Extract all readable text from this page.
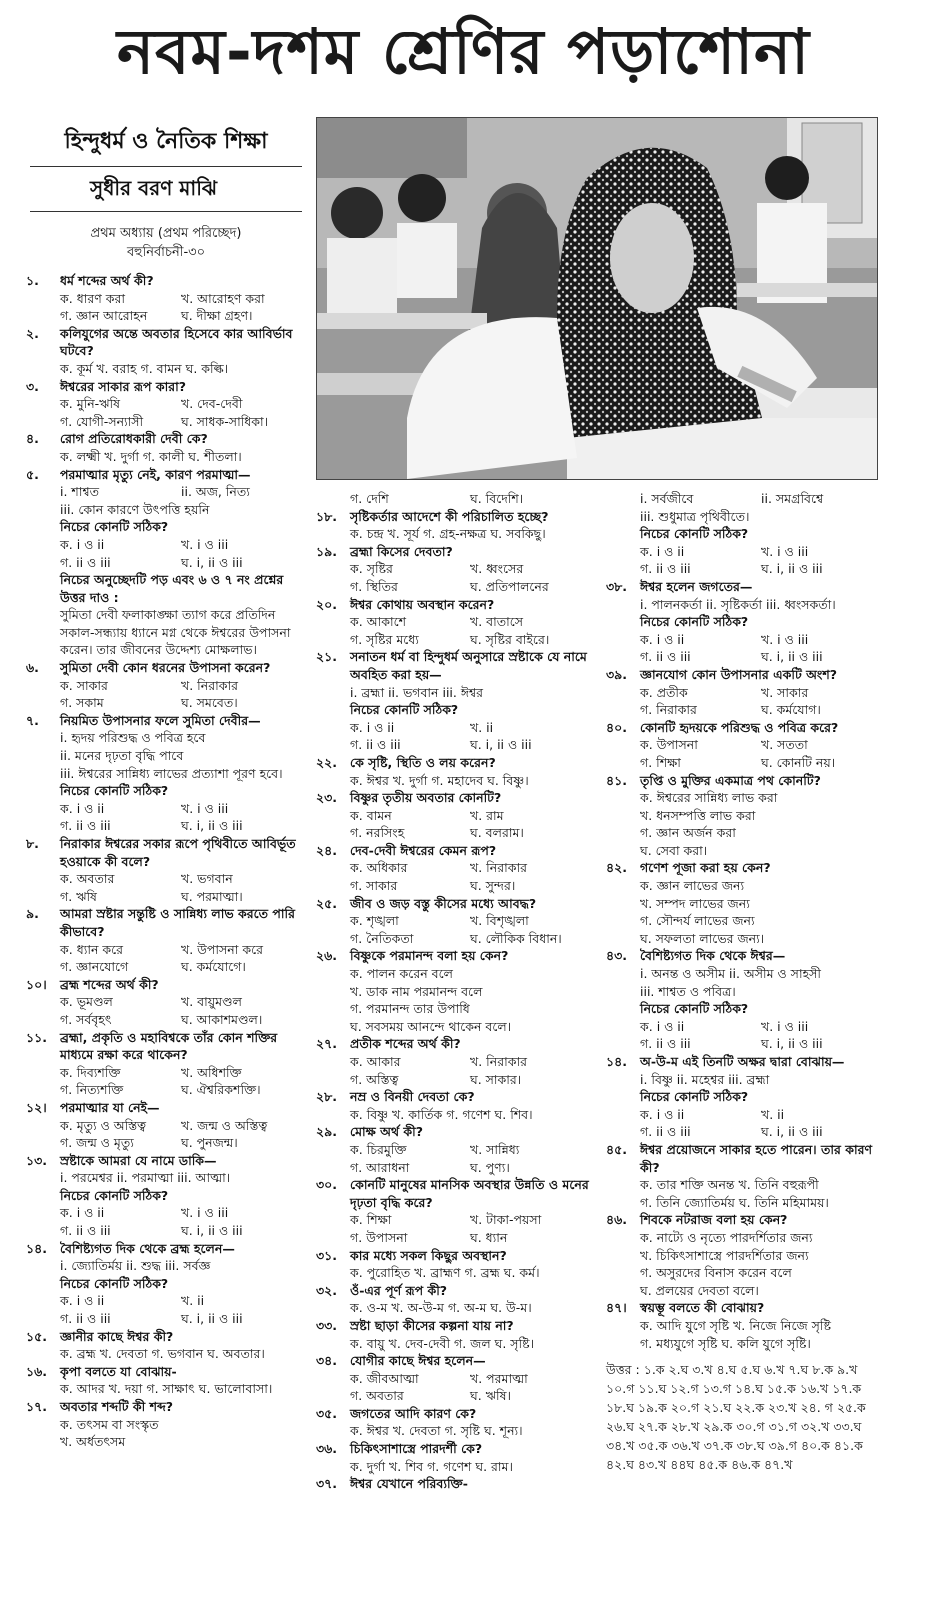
নবম-দশম শ্রেণির পড়াশোনা
হিন্দুধর্ম ও নৈতিক শিক্ষা
সুধীর বরণ মাঝি
প্রথম অধ্যায় (প্রথম পরিচ্ছেদ)
বহুনির্বাচনী-৩০
১.	ধর্ম শব্দের অর্থ কী?
ক. ধারণ করা	খ. আরোহণ করা
গ. জ্ঞান আরোহন	ঘ. দীক্ষা গ্রহণ।
২.	কলিযুগের অন্তে অবতার হিসেবে কার আবির্ভাব ঘটবে?
ক. কূর্ম খ. বরাহ গ. বামন ঘ. কল্কি।
৩.	ঈশ্বরের সাকার রূপ কারা?
ক. মুনি-ঋষি	খ. দেব-দেবী
গ. যোগী-সন্যাসী	ঘ. সাধক-সাধিকা।
৪.	রোগ প্রতিরোধকারী দেবী কে?
ক. লক্ষ্মী খ. দুর্গা গ. কালী ঘ. শীতলা।
৫.	পরমাত্মার মৃত্যু নেই, কারণ পরমাত্মা—
i. শাশ্বত	ii. অজ, নিত্য
iii. কোন কারণে উৎপত্তি হয়নি
নিচের কোনটি সঠিক?
ক. i ও ii	খ. i ও iii
গ. ii ও iii	ঘ. i, ii ও iii
নিচের অনুচ্ছেদটি পড় এবং ৬ ও ৭ নং প্রশ্নের উত্তর দাও :
সুমিতা দেবী ফলাকাঙ্ক্ষা ত্যাগ করে প্রতিদিন সকাল-সন্ধ্যায় ধ্যানে মগ্ন থেকে ঈশ্বরের উপাসনা করেন। তার জীবনের উদ্দেশ্য মোক্ষলাভ।
৬.	সুমিতা দেবী কোন ধরনের উপাসনা করেন?
ক. সাকার	খ. নিরাকার
গ. সকাম	ঘ. সমবেত।
৭.	নিয়মিত উপাসনার ফলে সুমিতা দেবীর—
i. হৃদয় পরিশুদ্ধ ও পবিত্র হবে
ii. মনের দৃঢ়তা বৃদ্ধি পাবে
iii. ঈশ্বরের সান্নিধ্য লাভের প্রত্যাশা পূরণ হবে।
নিচের কোনটি সঠিক?
ক. i ও ii	খ. i ও iii
গ. ii ও iii	ঘ. i, ii ও iii
৮.	নিরাকার ঈশ্বরের সকার রূপে পৃথিবীতে আবির্ভূত হওয়াকে কী বলে?
ক. অবতার	খ. ভগবান
গ. ঋষি	ঘ. পরমাত্মা।
৯.	আমরা স্রষ্টার সন্তুষ্টি ও সান্নিধ্য লাভ করতে পারি কীভাবে?
ক. ধ্যান করে	খ. উপাসনা করে
গ. জ্ঞানযোগে	ঘ. কর্মযোগে।
১০।	ব্রহ্ম শব্দের অর্থ কী?
ক. ভূমণ্ডল	খ. বায়ুমণ্ডল
গ. সর্ববৃহৎ	ঘ. আকাশমণ্ডল।
১১.	ব্রহ্মা, প্রকৃতি ও মহাবিশ্বকে তাঁর কোন শক্তির মাধ্যমে রক্ষা করে থাকেন?
ক. দিব্যশক্তি	খ. অধিশক্তি
গ. নিত্যশক্তি	ঘ. ঐশ্বরিকশক্তি।
১২।	পরমাত্মার যা নেই—
ক. মৃত্যু ও অস্তিত্ব	খ. জন্ম ও অস্তিত্ব
গ. জন্ম ও মৃত্যু	ঘ. পুনজন্ম।
১৩.	স্রষ্টাকে আমরা যে নামে ডাকি—
i. পরমেশ্বর ii. পরমাত্মা iii. আত্মা।
নিচের কোনটি সঠিক?
ক. i ও ii	খ. i ও iii
গ. ii ও iii	ঘ. i, ii ও iii
১৪.	বৈশিষ্ট্যগত দিক থেকে ব্রহ্ম হলেন—
i. জ্যোতির্ময় ii. শুদ্ধ iii. সর্বজ্ঞ
নিচের কোনটি সঠিক?
ক. i ও ii	খ. ii
গ. ii ও iii	ঘ. i, ii ও iii
১৫.	জ্ঞানীর কাছে ঈশ্বর কী?
ক. ব্রহ্ম খ. দেবতা গ. ভগবান ঘ. অবতার।
১৬.	কৃপা বলতে যা বোঝায়-
ক. আদর খ. দয়া গ. সাক্ষাৎ ঘ. ভালোবাসা।
১৭.	অবতার শব্দটি কী শব্দ?
ক. তৎসম বা সংস্কৃত
খ. অর্ধতৎসম
গ. দেশি	ঘ. বিদেশি।
১৮.	সৃষ্টিকর্তার আদেশে কী পরিচালিত হচ্ছে?
ক. চন্দ্র খ. সূর্য গ. গ্রহ-নক্ষত্র ঘ. সবকিছু।
১৯.	ব্রহ্মা কিসের দেবতা?
ক. সৃষ্টির	খ. ধ্বংসের
গ. স্থিতির	ঘ. প্রতিপালনের
২০.	ঈশ্বর কোথায় অবস্থান করেন?
ক. আকাশে	খ. বাতাসে
গ. সৃষ্টির মধ্যে	ঘ. সৃষ্টির বাইরে।
২১.	সনাতন ধর্ম বা হিন্দুধর্ম অনুসারে স্রষ্টাকে যে নামে অবহিত করা হয়—
i. ব্রহ্মা ii. ভগবান iii. ঈশ্বর
নিচের কোনটি সঠিক?
ক. i ও ii	খ. ii
গ. ii ও iii	ঘ. i, ii ও iii
২২.	কে সৃষ্টি, স্থিতি ও লয় করেন?
ক. ঈশ্বর খ. দুর্গা গ. মহাদেব ঘ. বিষ্ণু।
২৩.	বিষ্ণুর তৃতীয় অবতার কোনটি?
ক. বামন	খ. রাম
গ. নরসিংহ	ঘ. বলরাম।
২৪.	দেব-দেবী ঈশ্বরের কেমন রূপ?
ক. অধিকার	খ. নিরাকার
গ. সাকার	ঘ. সুন্দর।
২৫.	জীব ও জড় বস্তু কীসের মধ্যে আবদ্ধ?
ক. শৃঙ্খলা	খ. বিশৃঙ্খলা
গ. নৈতিকতা	ঘ. লৌকিক বিধান।
২৬.	বিষ্ণুকে পরমানন্দ বলা হয় কেন?
ক. পালন করেন বলে
খ. ডাক নাম পরমানন্দ বলে
গ. পরমানন্দ তার উপাধি
ঘ. সবসময় আনন্দে থাকেন বলে।
২৭.	প্রতীক শব্দের অর্থ কী?
ক. আকার	খ. নিরাকার
গ. অস্তিত্ব	ঘ. সাকার।
২৮.	নম্র ও বিনয়ী দেবতা কে?
ক. বিষ্ণু খ. কার্তিক গ. গণেশ ঘ. শিব।
২৯.	মোক্ষ অর্থ কী?
ক. চিরমুক্তি	খ. সান্নিধ্য
গ. আরাধনা	ঘ. পুণ্য।
৩০.	কোনটি মানুষের মানসিক অবস্থার উন্নতি ও মনের দৃঢ়তা বৃদ্ধি করে?
ক. শিক্ষা	খ. টাকা-পয়সা
গ. উপাসনা	ঘ. ধ্যান
৩১.	কার মধ্যে সকল কিছুর অবস্থান?
ক. পুরোহিত খ. ব্রাহ্মণ গ. ব্রহ্ম ঘ. কর্ম।
৩২.	ওঁ-এর পূর্ণ রূপ কী?
ক. ও-ম খ. অ-উ-ম গ. অ-ম ঘ. উ-ম।
৩৩.	স্রষ্টা ছাড়া কীসের কল্পনা যায় না?
ক. বায়ু খ. দেব-দেবী গ. জল ঘ. সৃষ্টি।
৩৪.	যোগীর কাছে ঈশ্বর হলেন—
ক. জীবআত্মা	খ. পরমাত্মা
গ. অবতার	ঘ. ঋষি।
৩৫.	জগতের আদি কারণ কে?
ক. ঈশ্বর খ. দেবতা গ. সৃষ্টি ঘ. শূন্য।
৩৬.	চিকিৎসাশাস্ত্রে পারদর্শী কে?
ক. দুর্গা খ. শিব গ. গণেশ ঘ. রাম।
৩৭.	ঈশ্বর যেখানে পরিব্যক্তি-
i. সর্বজীবে	ii. সমগ্রবিশ্বে
iii. শুধুমাত্র পৃথিবীতে।
নিচের কোনটি সঠিক?
ক. i ও ii	খ. i ও iii
গ. ii ও iii	ঘ. i, ii ও iii
৩৮.	ঈশ্বর হলেন জগতের—
i. পালনকর্তা ii. সৃষ্টিকর্তা iii. ধ্বংসকর্তা।
নিচের কোনটি সঠিক?
ক. i ও ii	খ. i ও iii
গ. ii ও iii	ঘ. i, ii ও iii
৩৯.	জ্ঞানযোগ কোন উপাসনার একটি অংশ?
ক. প্রতীক	খ. সাকার
গ. নিরাকার	ঘ. কর্মযোগ।
৪০.	কোনটি হৃদয়কে পরিশুদ্ধ ও পবিত্র করে?
ক. উপাসনা	খ. সততা
গ. শিক্ষা	ঘ. কোনটি নয়।
৪১.	তৃপ্তি ও মুক্তির একমাত্র পথ কোনটি?
ক. ঈশ্বরের সান্নিধ্য লাভ করা
খ. ধনসম্পত্তি লাভ করা
গ. জ্ঞান অর্জন করা
ঘ. সেবা করা।
৪২.	গণেশ পূজা করা হয় কেন?
ক. জ্ঞান লাভের জন্য
খ. সম্পদ লাভের জন্য
গ. সৌন্দর্য লাভের জন্য
ঘ. সফলতা লাভের জন্য।
৪৩.	বৈশিষ্ট্যগত দিক থেকে ঈশ্বর—
i. অনন্ত ও অসীম ii. অসীম ও সাহসী
iii. শাশ্বত ও পবিত্র।
নিচের কোনটি সঠিক?
ক. i ও ii	খ. i ও iii
গ. ii ও iii	ঘ. i, ii ও iii
১৪.	অ-উ-ম এই তিনটি অক্ষর দ্বারা বোঝায়—
i. বিষ্ণু ii. মহেশ্বর iii. ব্রহ্মা
নিচের কোনটি সঠিক?
ক. i ও ii	খ. ii
গ. ii ও iii	ঘ. i, ii ও iii
৪৫.	ঈশ্বর প্রয়োজনে সাকার হতে পারেন। তার কারণ কী?
ক. তার শক্তি অনন্ত খ. তিনি বহুরূপী
গ. তিনি জ্যোতির্ময় ঘ. তিনি মহিমাময়।
৪৬.	শিবকে নটরাজ বলা হয় কেন?
ক. নাট্যে ও নৃত্যে পারদর্শিতার জন্য
খ. চিকিৎসাশাস্ত্রে পারদর্শিতার জন্য
গ. অসুরদের বিনাস করেন বলে
ঘ. প্রলয়ের দেবতা বলে।
৪৭।	স্বয়ম্ভূ বলতে কী বোঝায়?
ক. আদি যুগে সৃষ্টি খ. নিজে নিজে সৃষ্টি
গ. মধ্যযুগে সৃষ্টি ঘ. কলি যুগে সৃষ্টি।
উত্তর : ১.ক ২.ঘ ৩.খ ৪.ঘ ৫.ঘ ৬.খ ৭.ঘ ৮.ক ৯.খ ১০.গ ১১.ঘ ১২.গ ১৩.গ ১৪.ঘ ১৫.ক ১৬.খ ১৭.ক ১৮.ঘ ১৯.ক ২০.গ ২১.ঘ ২২.ক ২৩.খ ২৪. গ ২৫.ক ২৬.ঘ ২৭.ক ২৮.খ ২৯.ক ৩০.গ ৩১.গ ৩২.খ ৩৩.ঘ ৩৪.খ ৩৫.ক ৩৬.খ ৩৭.ক ৩৮.ঘ ৩৯.গ ৪০.ক ৪১.ক ৪২.ঘ ৪৩.খ ৪৪ঘ ৪৫.ক ৪৬.ক ৪৭.খ
